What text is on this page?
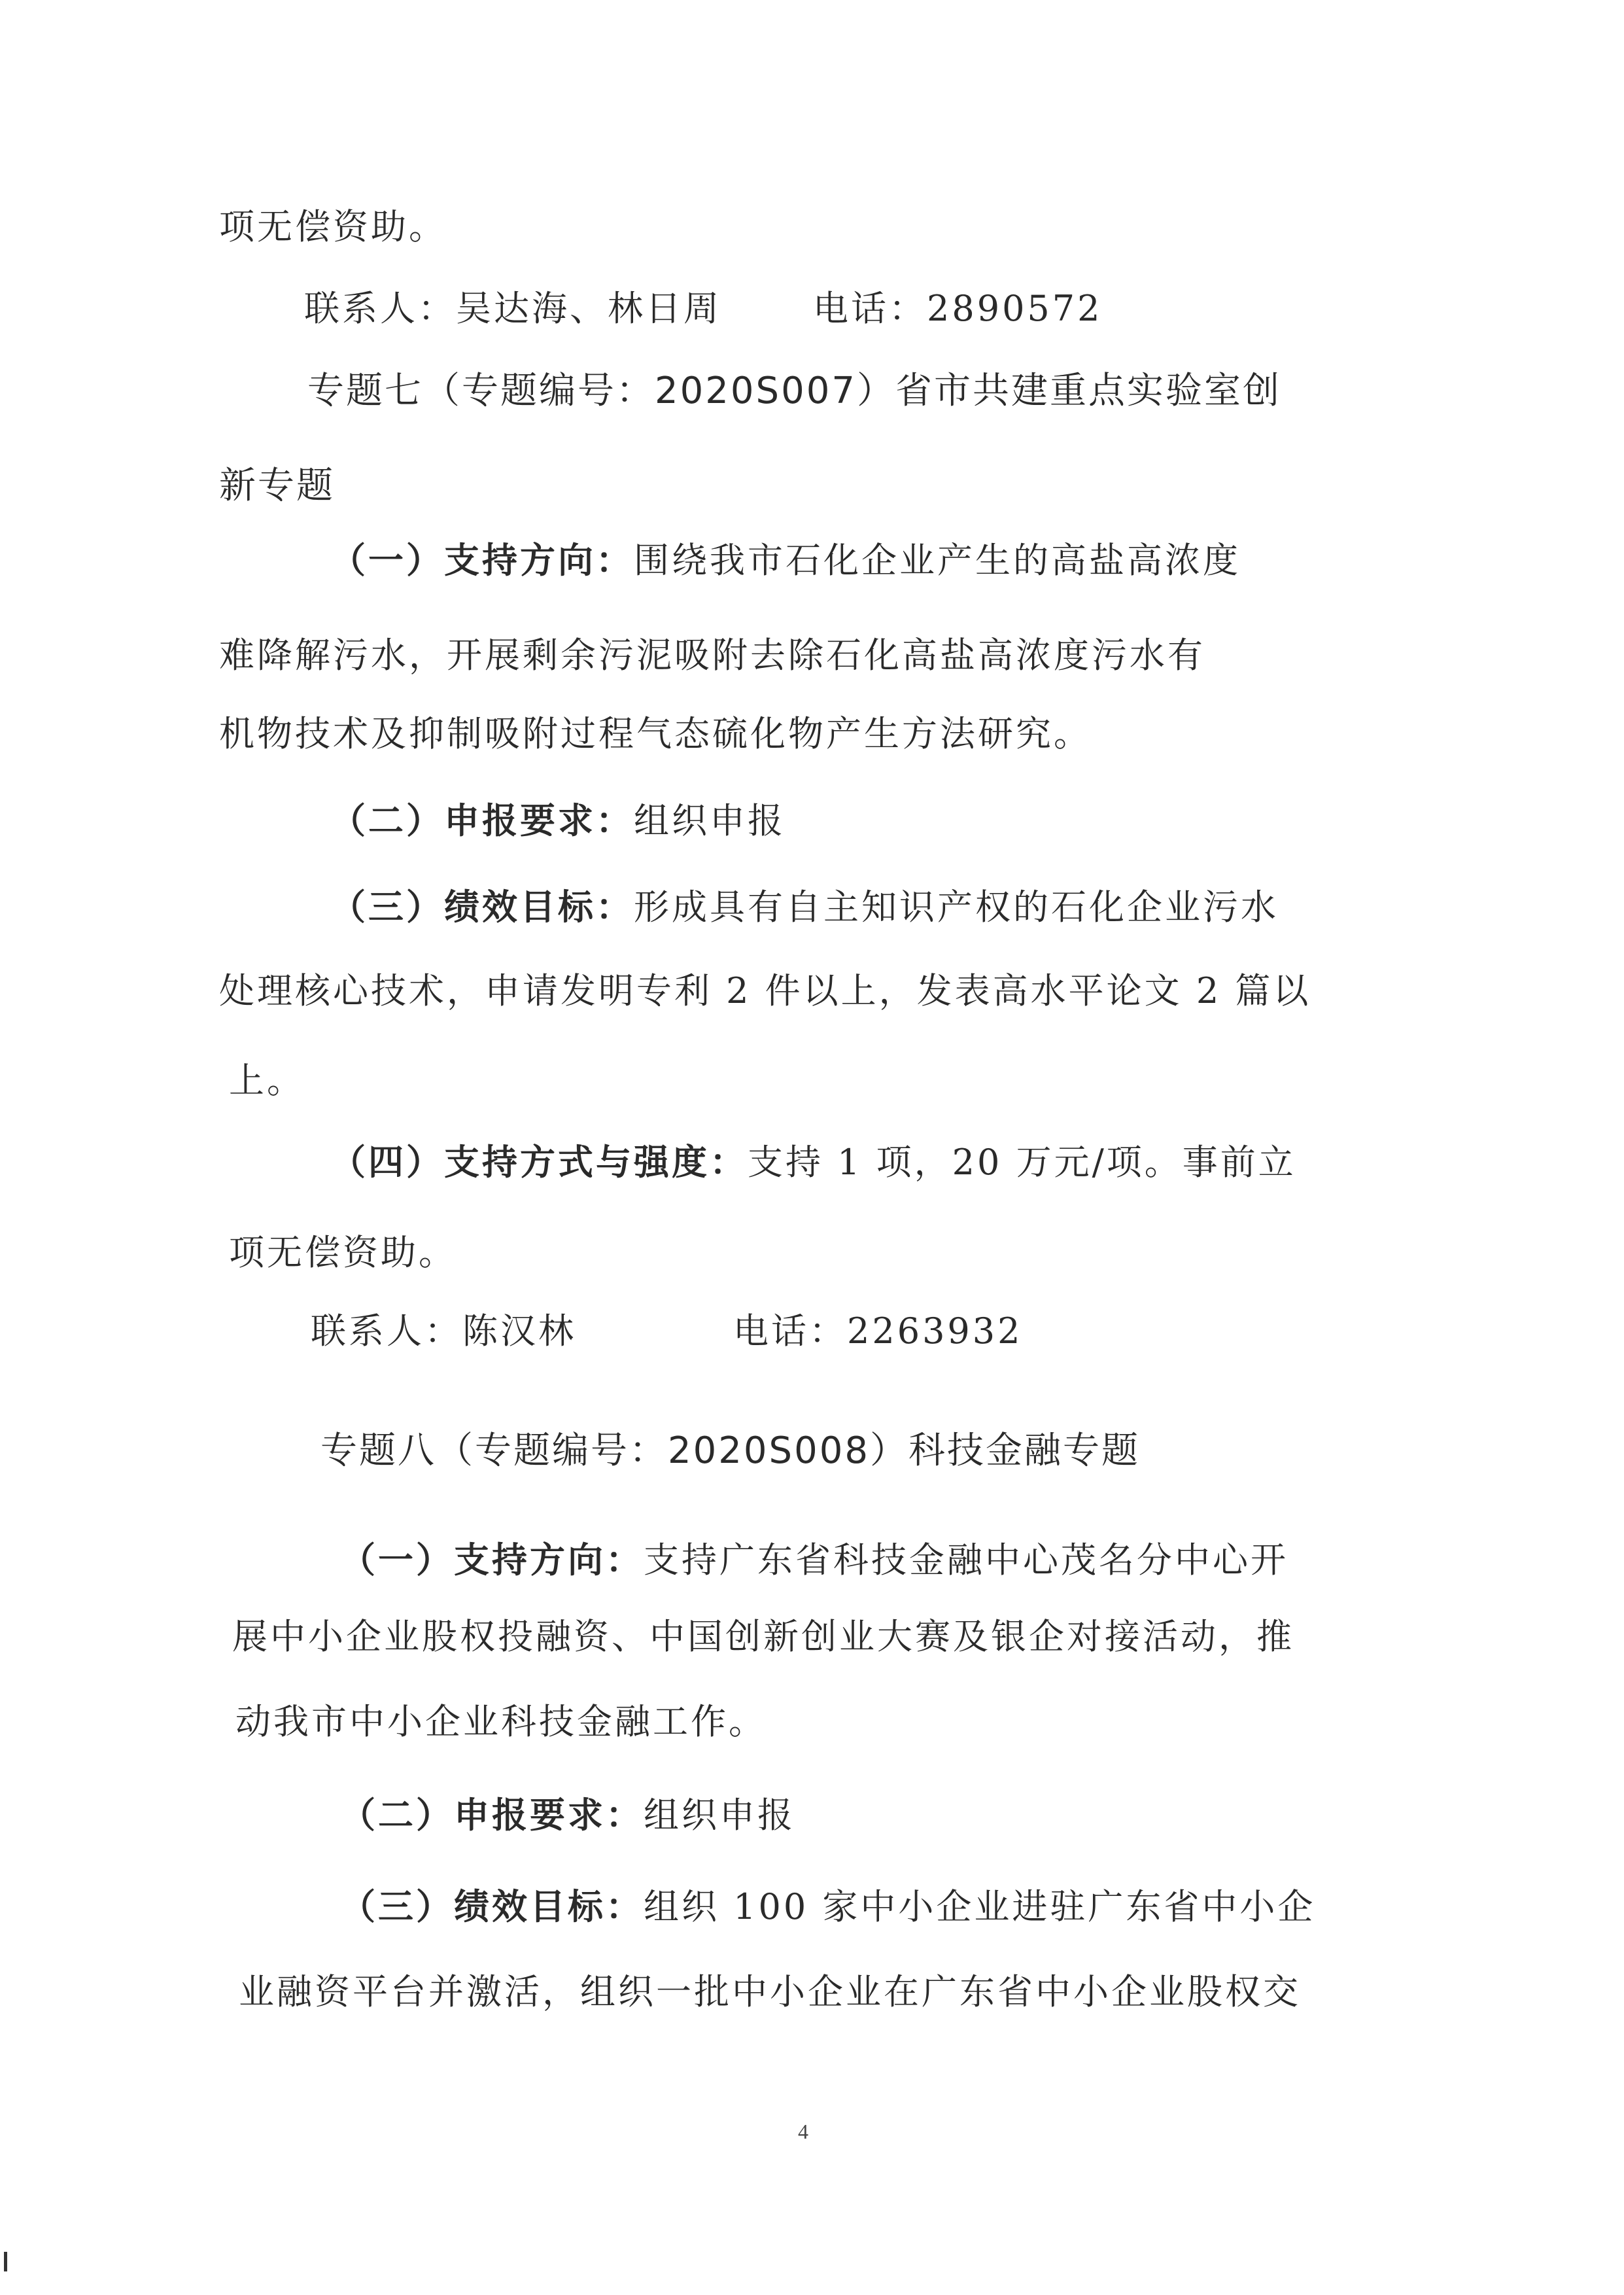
项无偿资助。
联系人：吴达海、林日周	电话：2890572
专题七（专题编号：2020S007）省市共建重点实验室创
新专题
（一）支持方向：围绕我市石化企业产生的高盐高浓度
难降解污水，开展剩余污泥吸附去除石化高盐高浓度污水有
机物技术及抑制吸附过程气态硫化物产生方法研究。
（二）申报要求：组织申报
（三）绩效目标：形成具有自主知识产权的石化企业污水
处理核心技术，申请发明专利 2 件以上，发表高水平论文 2 篇以
上。
（四）支持方式与强度：支持 1 项，20 万元/项。事前立
项无偿资助。
联系人：陈汉林	电话：2263932
专题八（专题编号：2020S008）科技金融专题
（一）支持方向：支持广东省科技金融中心茂名分中心开
展中小企业股权投融资、中国创新创业大赛及银企对接活动，推
动我市中小企业科技金融工作。
（二）申报要求：组织申报
（三）绩效目标：组织 100 家中小企业进驻广东省中小企
业融资平台并激活，组织一批中小企业在广东省中小企业股权交
4
